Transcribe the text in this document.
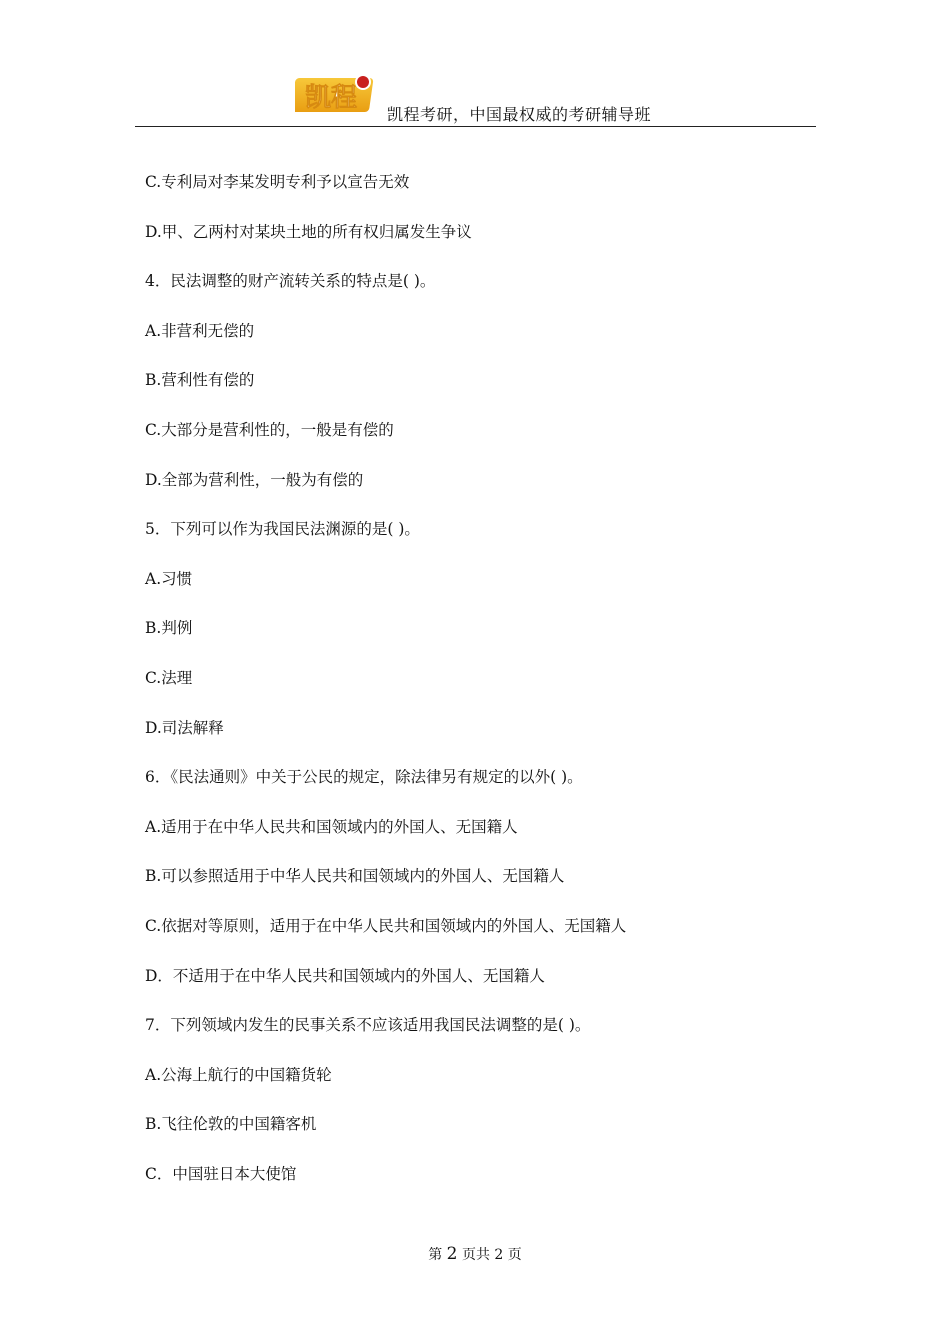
凯程
凯程考研，中国最权威的考研辅导班
C.专利局对李某发明专利予以宣告无效
D.甲、乙两村对某块土地的所有权归属发生争议
4．民法调整的财产流转关系的特点是( )。
A.非营利无偿的
B.营利性有偿的
C.大部分是营利性的，一般是有偿的
D.全部为营利性，一般为有偿的
5．下列可以作为我国民法渊源的是( )。
A.习惯
B.判例
C.法理
D.司法解释
6．《民法通则》中关于公民的规定，除法律另有规定的以外( )。
A.适用于在中华人民共和国领域内的外国人、无国籍人
B.可以参照适用于中华人民共和国领域内的外国人、无国籍人
C.依据对等原则，适用于在中华人民共和国领域内的外国人、无国籍人
D．不适用于在中华人民共和国领域内的外国人、无国籍人
7．下列领域内发生的民事关系不应该适用我国民法调整的是( )。
A.公海上航行的中国籍货轮
B.飞往伦敦的中国籍客机
C．中国驻日本大使馆
第 2 页共 2 页
